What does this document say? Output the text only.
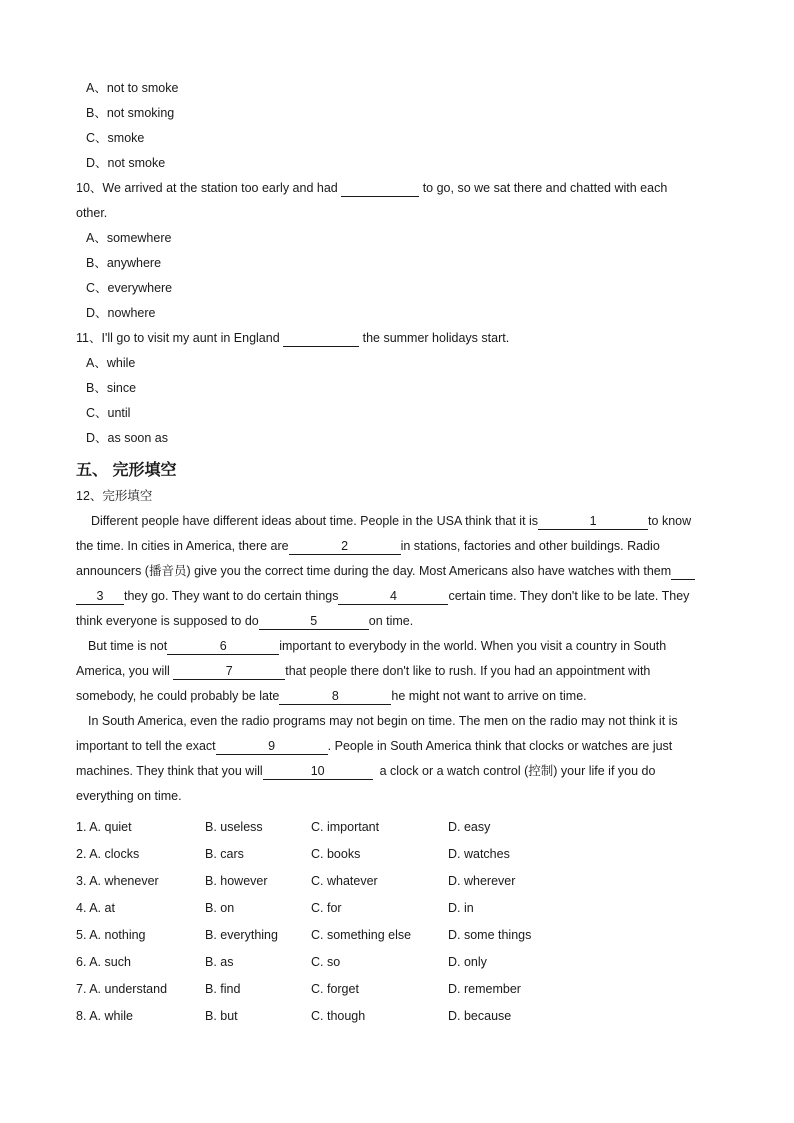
A、not to smoke
B、not smoking
C、smoke
D、not smoke
10、We arrived at the station too early and had	to go, so we sat there and chatted with each
other.
A、somewhere
B、anywhere
C、everywhere
D、nowhere
11、I'll go to visit my aunt in England	the summer holidays start.
A、while
B、since
C、until
D、as soon as
五、 完形填空
12、完形填空
Different people have different ideas about time. People in the USA think that it is	1	to know
the time. In cities in America, there are	2	in stations, factories and other buildings. Radio
announcers (播音员) give you the correct time during the day. Most Americans also have watches with them
3 they go. They want to do certain things	4	certain time. They don't like to be late. They
think everyone is supposed to do	5	on time.
But time is not	6	important to everybody in the world. When you visit a country in South
America, you will	7	that people there don't like to rush. If you had an appointment with
somebody, he could probably be late	8	he might not want to arrive on time.
In South America, even the radio programs may not begin on time. The men on the radio may not think it is
important to tell the exact	9	. People in South America think that clocks or watches are just
machines. They think that you will	10	a clock or a watch control (控制) your life if you do
everything on time.
1. A. quiet	B. useless	C. important	D. easy
2. A. clocks	B. cars	C. books	D. watches
3. A. whenever	B. however	C. whatever	D. wherever
4. A. at	B. on	C. for	D. in
5. A. nothing	B. everything	C. something else	D. some things
6. A. such	B. as	C. so	D. only
7. A. understand	B. find	C. forget	D. remember
8. A. while	B. but	C. though	D. because
